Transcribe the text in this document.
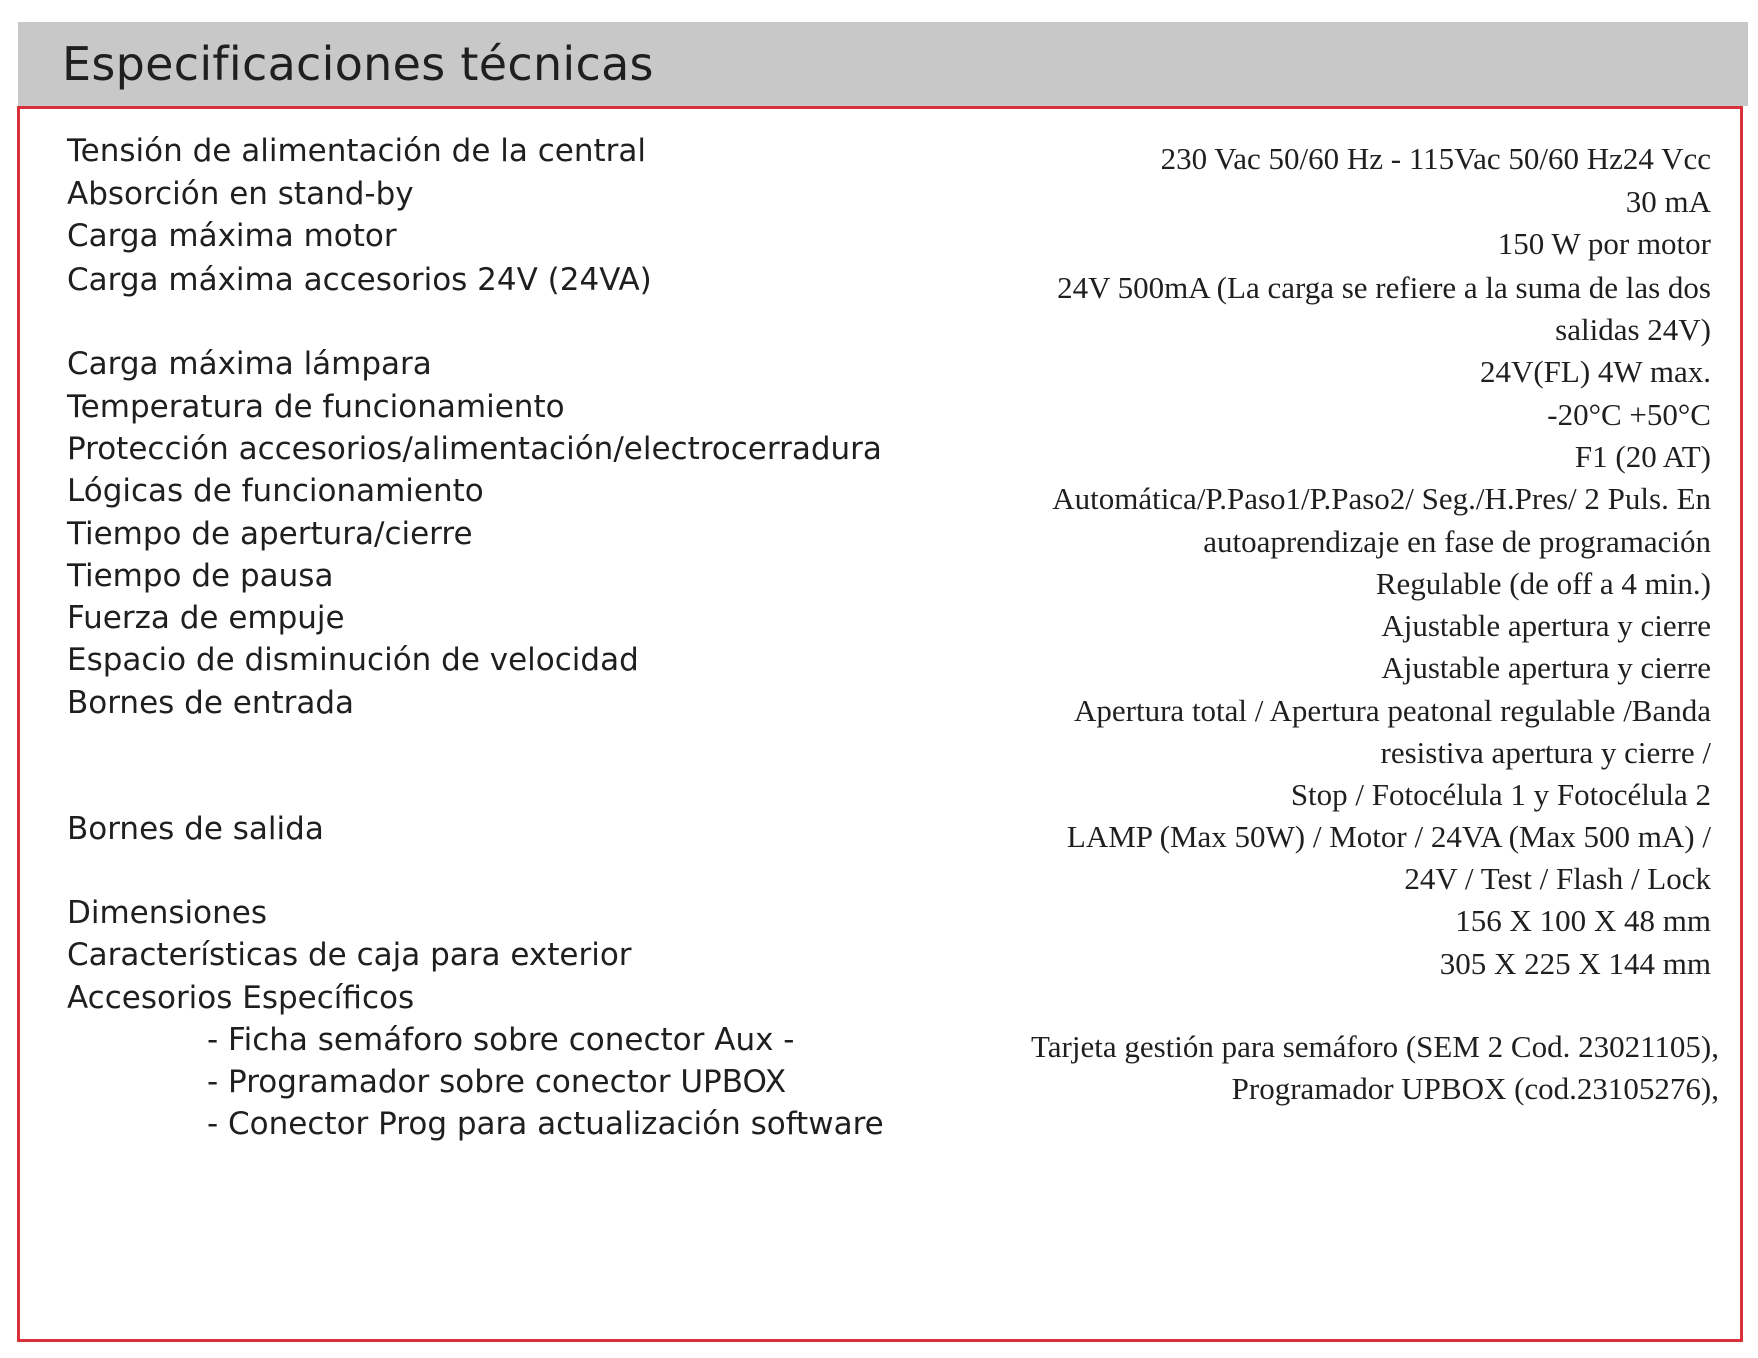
Especificaciones técnicas
Tensión de alimentación de la central
Absorción en stand-by
Carga máxima motor
Carga máxima accesorios 24V (24VA)
Carga máxima lámpara
Temperatura de funcionamiento
Protección accesorios/alimentación/electrocerradura
Lógicas de funcionamiento
Tiempo de apertura/cierre
Tiempo de pausa
Fuerza de empuje
Espacio de disminución de velocidad
Bornes de entrada
Bornes de salida
Dimensiones
Características de caja para exterior
Accesorios Específicos
- Ficha semáforo sobre conector Aux -
- Programador sobre conector UPBOX
- Conector Prog para actualización software
230 Vac 50/60 Hz - 115Vac 50/60 Hz24 Vcc
30 mA
150 W por motor
24V 500mA (La carga se refiere a la suma de las dos
salidas 24V)
24V(FL) 4W max.
-20°C +50°C
F1 (20 AT)
Automática/P.Paso1/P.Paso2/ Seg./H.Pres/ 2 Puls. En
autoaprendizaje en fase de programación
Regulable (de off a 4 min.)
Ajustable apertura y cierre
Ajustable apertura y cierre
Apertura total / Apertura peatonal regulable /Banda
resistiva apertura y cierre /
Stop / Fotocélula 1 y Fotocélula 2
LAMP (Max 50W) / Motor / 24VA (Max 500 mA) /
24V / Test / Flash / Lock
156 X 100 X 48 mm
305 X 225 X 144 mm
Tarjeta gestión para semáforo (SEM 2 Cod. 23021105),
Programador UPBOX (cod.23105276),
